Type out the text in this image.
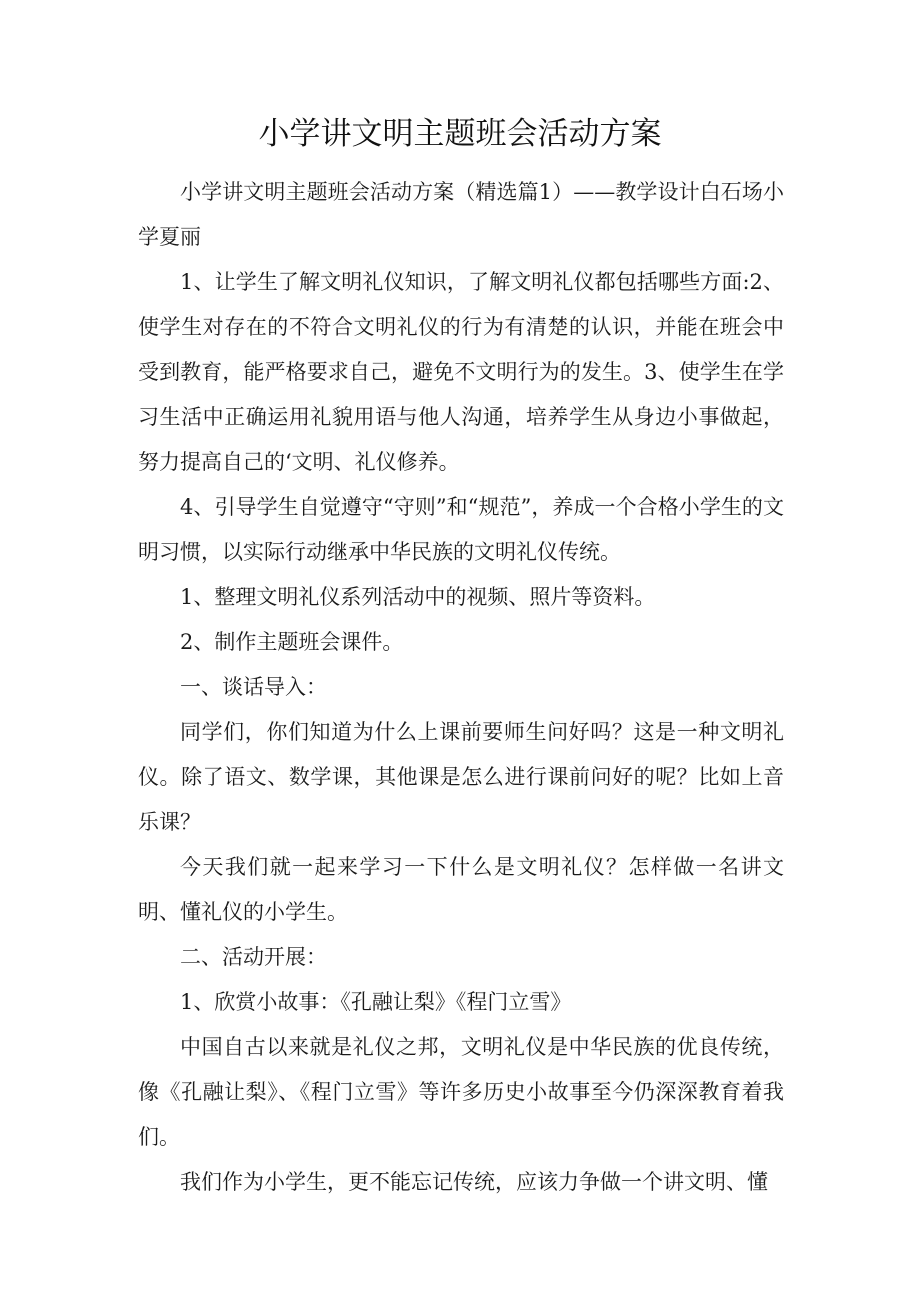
小学讲文明主题班会活动方案

小学讲文明主题班会活动方案（精选篇1）——教学设计白石场小学夏丽

1、让学生了解文明礼仪知识，了解文明礼仪都包括哪些方面:2、使学生对存在的不符合文明礼仪的行为有清楚的认识，并能在班会中受到教育，能严格要求自己，避免不文明行为的发生。3、使学生在学习生活中正确运用礼貌用语与他人沟通，培养学生从身边小事做起，努力提高自己的‘文明、礼仪修养。

4、引导学生自觉遵守“守则”和“规范”，养成一个合格小学生的文明习惯，以实际行动继承中华民族的文明礼仪传统。

1、整理文明礼仪系列活动中的视频、照片等资料。

2、制作主题班会课件。

一、谈话导入：

同学们，你们知道为什么上课前要师生问好吗？这是一种文明礼仪。除了语文、数学课，其他课是怎么进行课前问好的呢？比如上音乐课？

今天我们就一起来学习一下什么是文明礼仪？怎样做一名讲文明、懂礼仪的小学生。

二、活动开展：

1、欣赏小故事：《孔融让梨》《程门立雪》

中国自古以来就是礼仪之邦，文明礼仪是中华民族的优良传统，像《孔融让梨》、《程门立雪》等许多历史小故事至今仍深深教育着我们。

我们作为小学生，更不能忘记传统，应该力争做一个讲文明、懂
